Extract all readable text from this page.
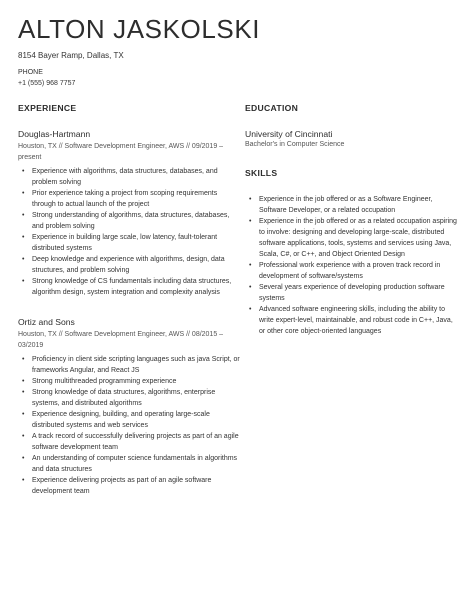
ALTON JASKOLSKI
8154 Bayer Ramp, Dallas, TX
PHONE
+1 (555) 968 7757
EXPERIENCE
Douglas-Hartmann
Houston, TX // Software Development Engineer, AWS // 09/2019 – present
• Experience with algorithms, data structures, databases, and problem solving
• Prior experience taking a project from scoping requirements through to actual launch of the project
• Strong understanding of algorithms, data structures, databases, and problem solving
• Experience in building large scale, low latency, fault-tolerant distributed systems
• Deep knowledge and experience with algorithms, design, data structures, and problem solving
• Strong knowledge of CS fundamentals including data structures, algorithm design, system integration and complexity analysis
Ortiz and Sons
Houston, TX // Software Development Engineer, AWS // 08/2015 – 03/2019
• Proficiency in client side scripting languages such as java Script, or frameworks Angular, and React JS
• Strong multithreaded programming experience
• Strong knowledge of data structures, algorithms, enterprise systems, and distributed algorithms
• Experience designing, building, and operating large-scale distributed systems and web services
• A track record of successfully delivering projects as part of an agile software development team
• An understanding of computer science fundamentals in algorithms and data structures
• Experience delivering projects as part of an agile software development team
EDUCATION
University of Cincinnati
Bachelor's in Computer Science
SKILLS
• Experience in the job offered or as a Software Engineer, Software Developer, or a related occupation
• Experience in the job offered or as a related occupation aspiring to involve: designing and developing large-scale, distributed software applications, tools, systems and services using Java, Scala, C#, or C++, and Object Oriented Design
• Professional work experience with a proven track record in development of software/systems
• Several years experience of developing production software systems
• Advanced software engineering skills, including the ability to write expert-level, maintainable, and robust code in C++, Java, or other core object-oriented languages
